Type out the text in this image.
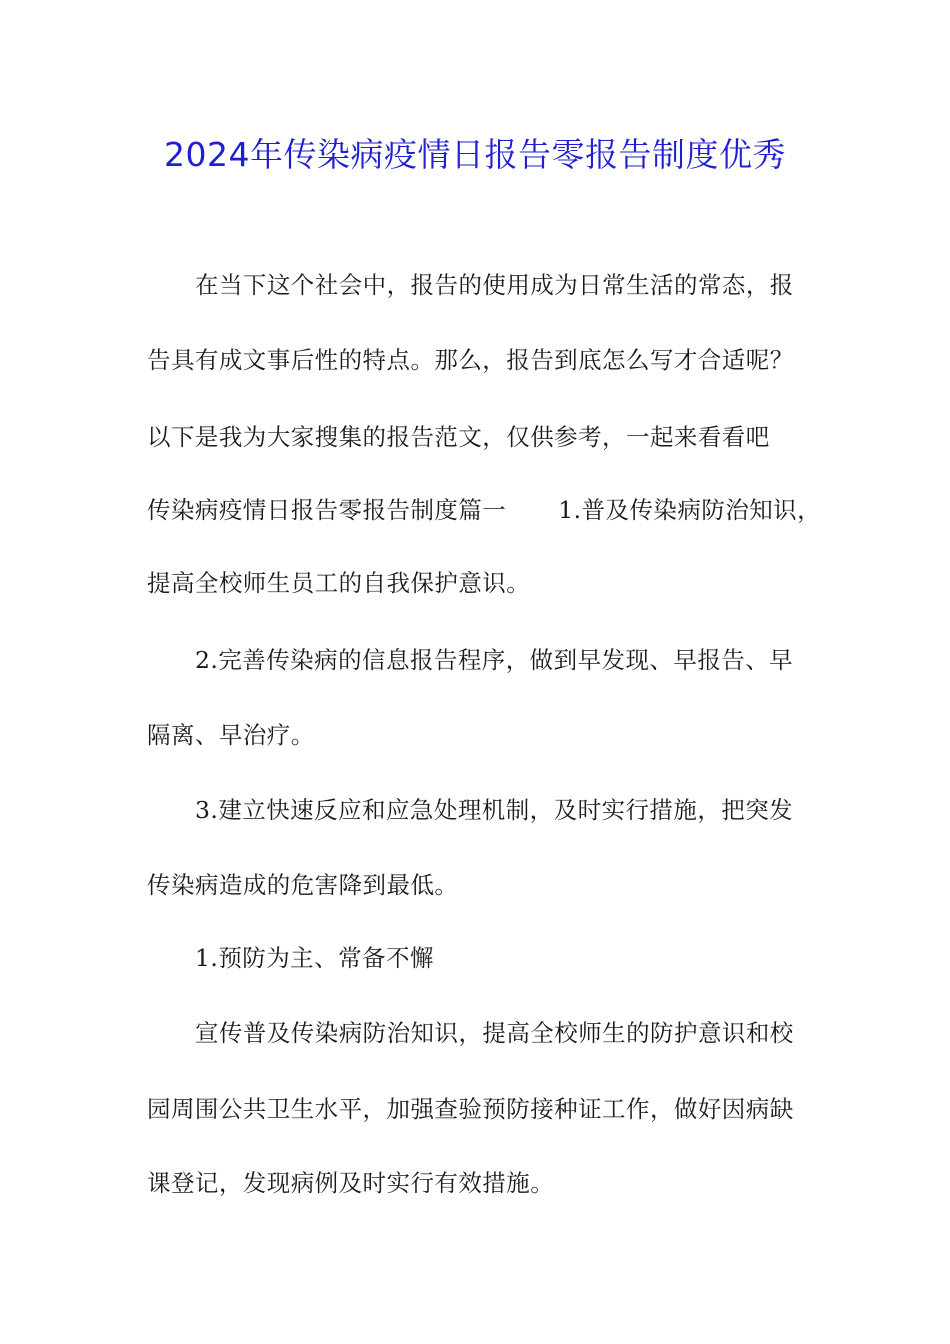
2024年传染病疫情日报告零报告制度优秀

在当下这个社会中，报告的使用成为日常生活的常态，报

告具有成文事后性的特点。那么，报告到底怎么写才合适呢？

以下是我为大家搜集的报告范文，仅供参考，一起来看看吧

传染病疫情日报告零报告制度篇一 1.普及传染病防治知识，

提高全校师生员工的自我保护意识。

2.完善传染病的信息报告程序，做到早发现、早报告、早

隔离、早治疗。

3.建立快速反应和应急处理机制，及时实行措施，把突发

传染病造成的危害降到最低。

1.预防为主、常备不懈

宣传普及传染病防治知识，提高全校师生的防护意识和校

园周围公共卫生水平，加强查验预防接种证工作，做好因病缺

课登记，发现病例及时实行有效措施。
